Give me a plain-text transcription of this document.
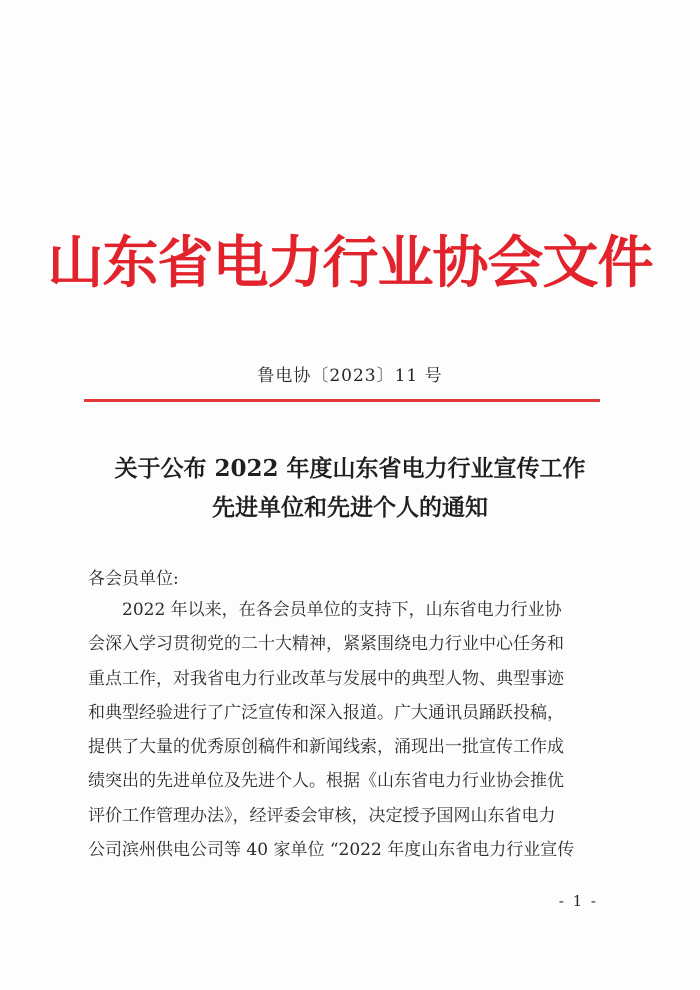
山东省电力行业协会文件
鲁电协〔2023〕11 号
关于公布 2022 年度山东省电力行业宣传工作
先进单位和先进个人的通知
各会员单位:
2022 年以来，在各会员单位的支持下，山东省电力行业协
会深入学习贯彻党的二十大精神，紧紧围绕电力行业中心任务和
重点工作，对我省电力行业改革与发展中的典型人物、典型事迹
和典型经验进行了广泛宣传和深入报道。广大通讯员踊跃投稿，
提供了大量的优秀原创稿件和新闻线索，涌现出一批宣传工作成
绩突出的先进单位及先进个人。根据《山东省电力行业协会推优
评价工作管理办法》，经评委会审核，决定授予国网山东省电力
公司滨州供电公司等 40 家单位 “2022 年度山东省电力行业宣传
- 1 -
